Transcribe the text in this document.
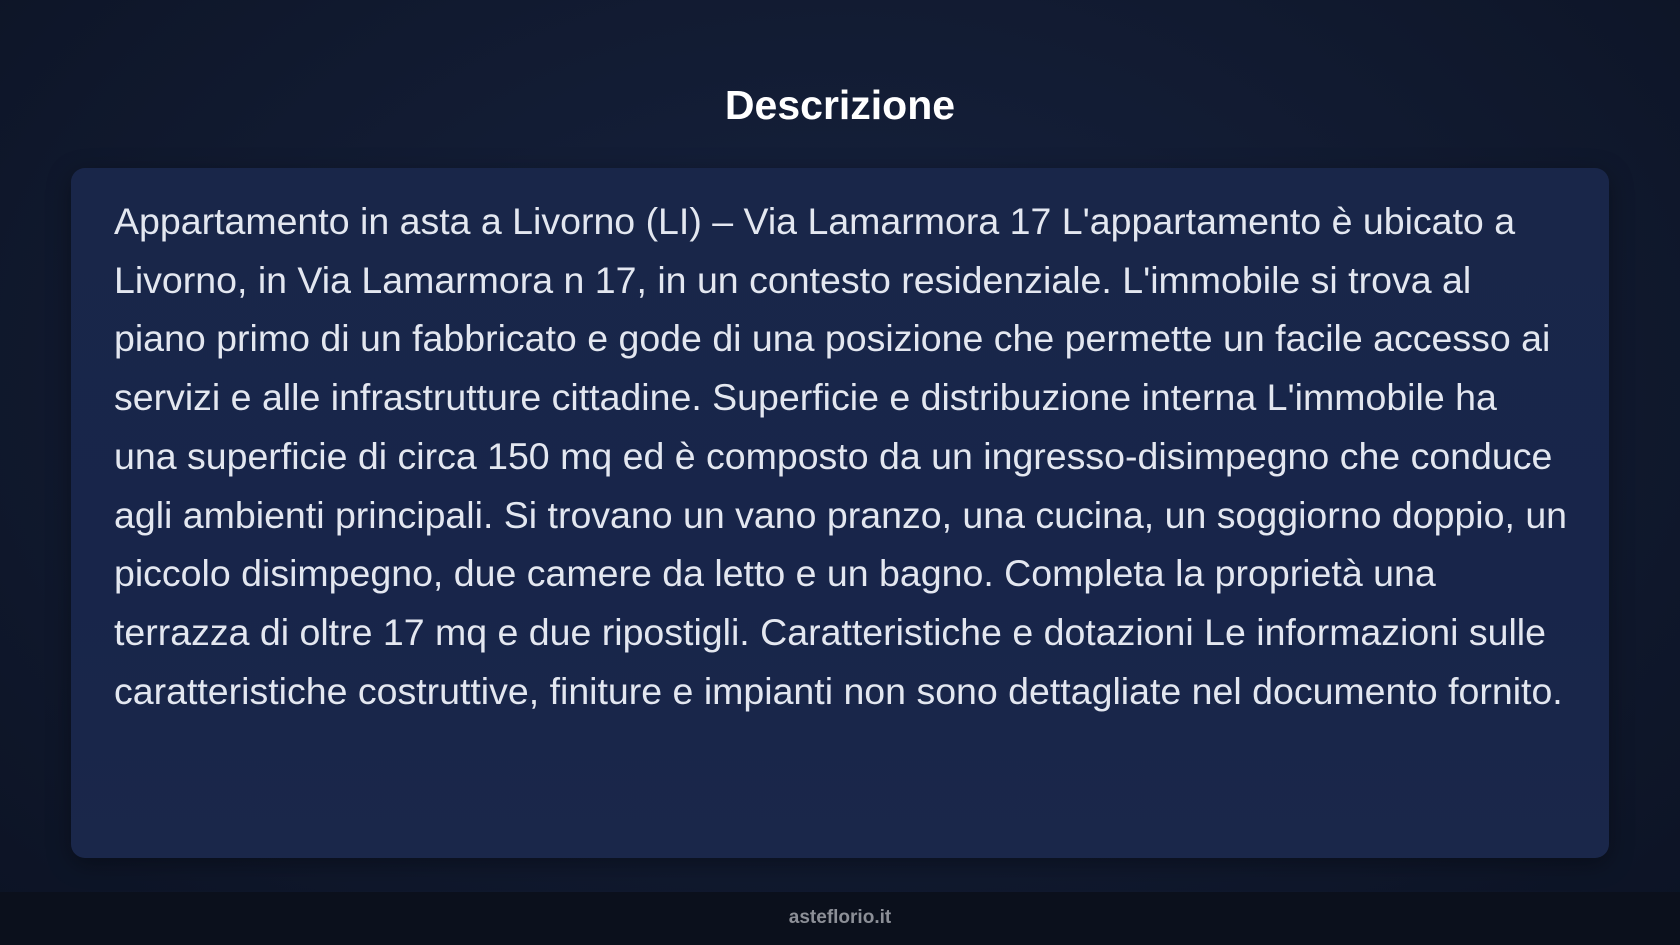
Descrizione

Appartamento in asta a Livorno (LI) – Via Lamarmora 17 L'appartamento è ubicato a Livorno, in Via Lamarmora n 17, in un contesto residenziale. L'immobile si trova al piano primo di un fabbricato e gode di una posizione che permette un facile accesso ai servizi e alle infrastrutture cittadine. Superficie e distribuzione interna L'immobile ha una superficie di circa 150 mq ed è composto da un ingresso-disimpegno che conduce agli ambienti principali. Si trovano un vano pranzo, una cucina, un soggiorno doppio, un piccolo disimpegno, due camere da letto e un bagno. Completa la proprietà una terrazza di oltre 17 mq e due ripostigli. Caratteristiche e dotazioni Le informazioni sulle caratteristiche costruttive, finiture e impianti non sono dettagliate nel documento fornito.

asteflorio.it
